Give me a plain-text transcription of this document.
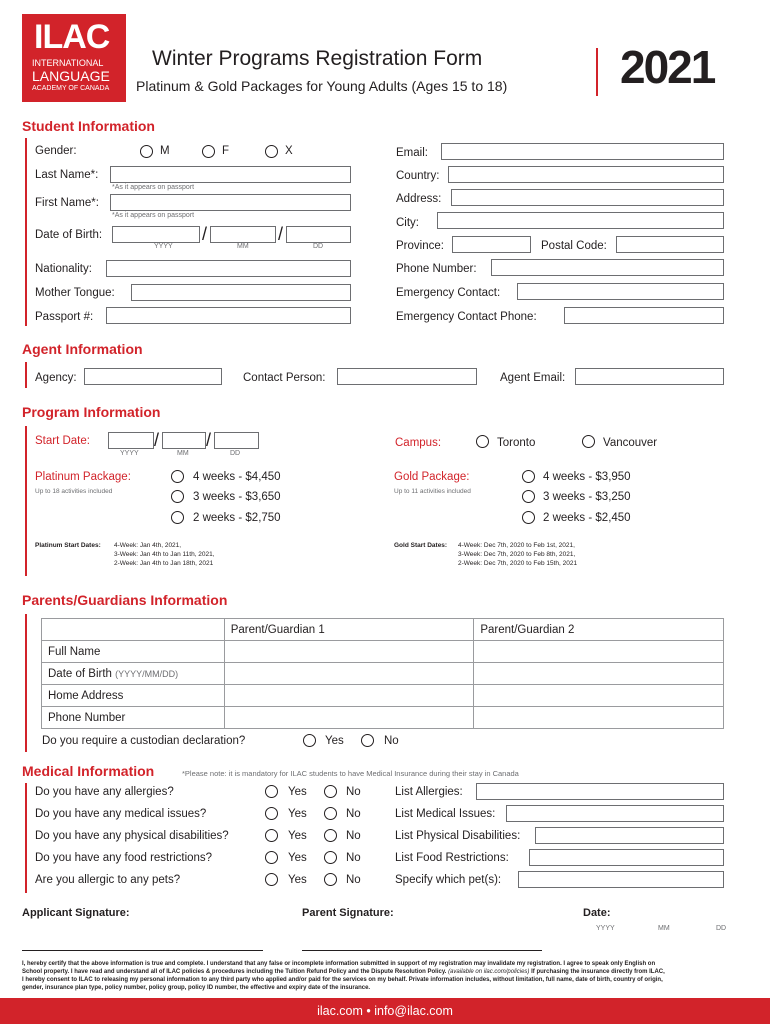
ILAC
INTERNATIONAL
LANGUAGE
ACADEMY OF CANADA
Winter Programs Registration Form
Platinum & Gold Packages for Young Adults (Ages 15 to 18) 2021
Student Information
Gender:	M	F	X
Last Name*:
*As it appears on passport
First Name*:
*As it appears on passport
Date of Birth:	/	/
YYYY	MM	DD
Nationality:
Mother Tongue:
Passport #:
Email:
Country:
Address:
City:
Province:	Postal Code:
Phone Number:
Emergency Contact:
Emergency Contact Phone:
Agent Information
Agency:	Contact Person:	Agent Email:
Program Information
Start Date:	/	/
YYYY	MM	DD
Campus:	Toronto	Vancouver
Platinum Package:
Up to 18 activities included
4 weeks - $4,450
3 weeks - $3,650
2 weeks - $2,750
Gold Package:
Up to 11 activities included
4 weeks - $3,950
3 weeks - $3,250
2 weeks - $2,450
Platinum Start Dates: 4-Week: Jan 4th, 2021,
3-Week: Jan 4th to Jan 11th, 2021,
2-Week: Jan 4th to Jan 18th, 2021
Gold Start Dates: 4-Week: Dec 7th, 2020 to Feb 1st, 2021,
3-Week: Dec 7th, 2020 to Feb 8th, 2021,
2-Week: Dec 7th, 2020 to Feb 15th, 2021
Parents/Guardians Information
	Parent/Guardian 1	Parent/Guardian 2
Full Name		
Date of Birth (YYYY/MM/DD)		
Home Address		
Phone Number		
Do you require a custodian declaration?	Yes	No
Medical Information	*Please note: it is mandatory for ILAC students to have Medical Insurance during their stay in Canada
Do you have any allergies?	Yes	No	List Allergies:
Do you have any medical issues?	Yes	No	List Medical Issues:
Do you have any physical disabilities?	Yes	No	List Physical Disabilities:
Do you have any food restrictions?	Yes	No	List Food Restrictions:
Are you allergic to any pets?	Yes	No	Specify which pet(s):
Applicant Signature:	Parent Signature:	Date:
YYYY	MM	DD
I, hereby certify that the above information is true and complete. I understand that any false or incomplete information submitted in support of my registration may invalidate my registration. I agree to speak only English on
School property. I have read and understand all of ILAC policies & procedures including the Tuition Refund Policy and the Dispute Resolution Policy. (available on ilac.com/policies) If purchasing the insurance directly from ILAC,
I hereby consent to ILAC to releasing my personal information to any third party who applied and/or paid for the services on my behalf. Private information includes, without limitation, full name, date of birth, country of origin,
gender, insurance plan type, policy number, policy group, policy ID number, the effective and expiry date of the insurance.
ilac.com • info@ilac.com
